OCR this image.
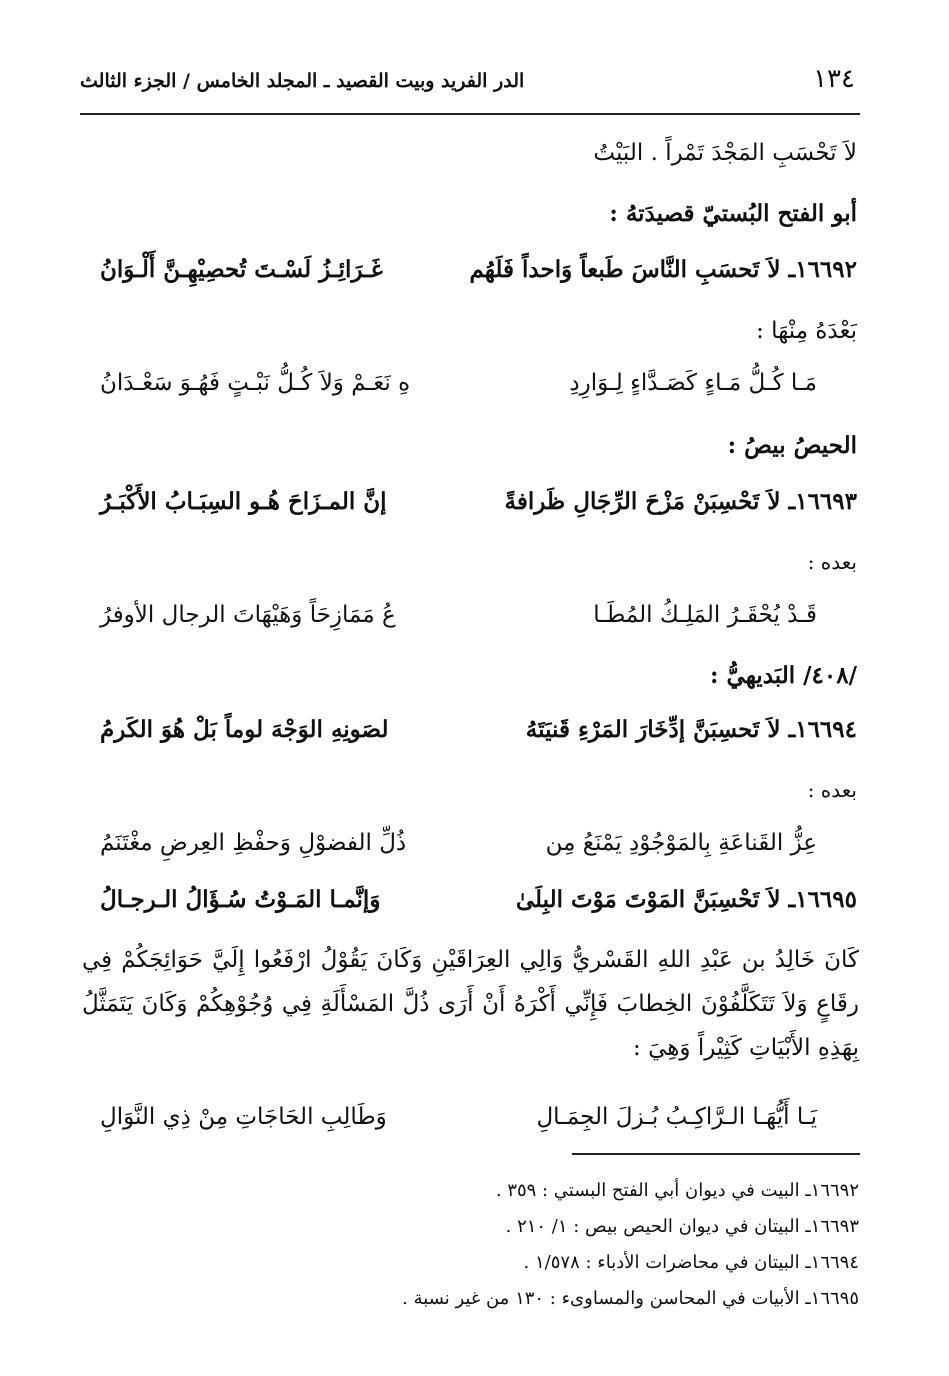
١٣٤
الدر الفريد وبيت القصيد ـ المجلد الخامس / الجزء الثالث
لاَ تَحْسَبِ المَجْدَ تَمْراً . البَيْتُ
أبو الفتح البُستيّ قصيدَتهُ :
١٦٦٩٢ـ لاَ تَحسَبِ النَّاسَ طَبعاً وَاحداً فَلَهُم
غَـرَائِـزُ لَسْـتَ تُحصِيْهِـنَّ أَلْـوَانُ
بَعْدَهُ مِنْهَا :
مَـا كُـلُّ مَـاءٍ كَصَـدَّاءٍ لِـوَارِدِ
هِ نَعَـمْ وَلاَ كُـلُّ نَبْـتٍ فَهُـوَ سَعْـدَانُ
الحيصُ بيصُ :
١٦٦٩٣ـ لاَ تَحْسِبَنْ مَزْحَ الرِّجَالِ ظَرافةً
إنَّ المـزَاحَ هُـو السِبَـابُ الأَكْبَـرُ
بعده :
قَـدْ يُحْقَـرُ المَلِـكُ المُطَـا
عُ مَمَازِحَاً وَهَيْهَاتَ الرجال الأوفرُ
/٤٠٨/ البَديهيُّ :
١٦٦٩٤ـ لاَ تَحسِبَنَّ إدِّخَارَ المَرْءِ قَنيَتَهُ
لصَونِهِ الوَجْهَ لوماً بَلْ هُوَ الكَرمُ
بعده :
عِزُّ القَناعَةِ بِالمَوْجُوْدِ يَمْنَعُ مِن
ذُلِّ الفضوْلِ وَحفْظِ العِرضِ مغْتَنَمُ
١٦٦٩٥ـ لاَ تَحْسِبَنَّ المَوْتَ مَوْتَ البِلَىٰ
وَإنَّمـا المَـوْتُ سُـؤَالُ الـرجـالُ
كَانَ خَالِدُ بن عَبْدِ اللهِ القَسْريُّ وَالِي العِرَاقَيْنِ وَكَانَ يَقُوْلُ ارْفَعُوا إِلَيَّ حَوَائِجَكُمْ فِي رقَاعٍ وَلاَ تَتَكَلَّفُوْنَ الخِطابَ فَإِنِّي أَكْرَهُ أَنْ أَرَى ذُلَّ المَسْأَلَةِ فِي وُجُوْهِكُمْ وَكَانَ يَتَمَثَّلُ بِهَذِهِ الأَبْيَاتِ كَثِيْراً وَهِيَ :
يَـا أَيُّهَـا الـرَّاكِـبُ بُـزلَ الجِمَـالِ
وَطَالِبِ الحَاجَاتِ مِنْ ذِي النَّوَالِ
١٦٦٩٢ـ البيت في ديوان أبي الفتح البستي : ٣٥٩ .
١٦٦٩٣ـ البيتان في ديوان الحيص بيص : ١/ ٢١٠ .
١٦٦٩٤ـ البيتان في محاضرات الأدباء : ١/٥٧٨ .
١٦٦٩٥ـ الأبيات في المحاسن والمساوىء : ١٣٠ من غير نسبة .
